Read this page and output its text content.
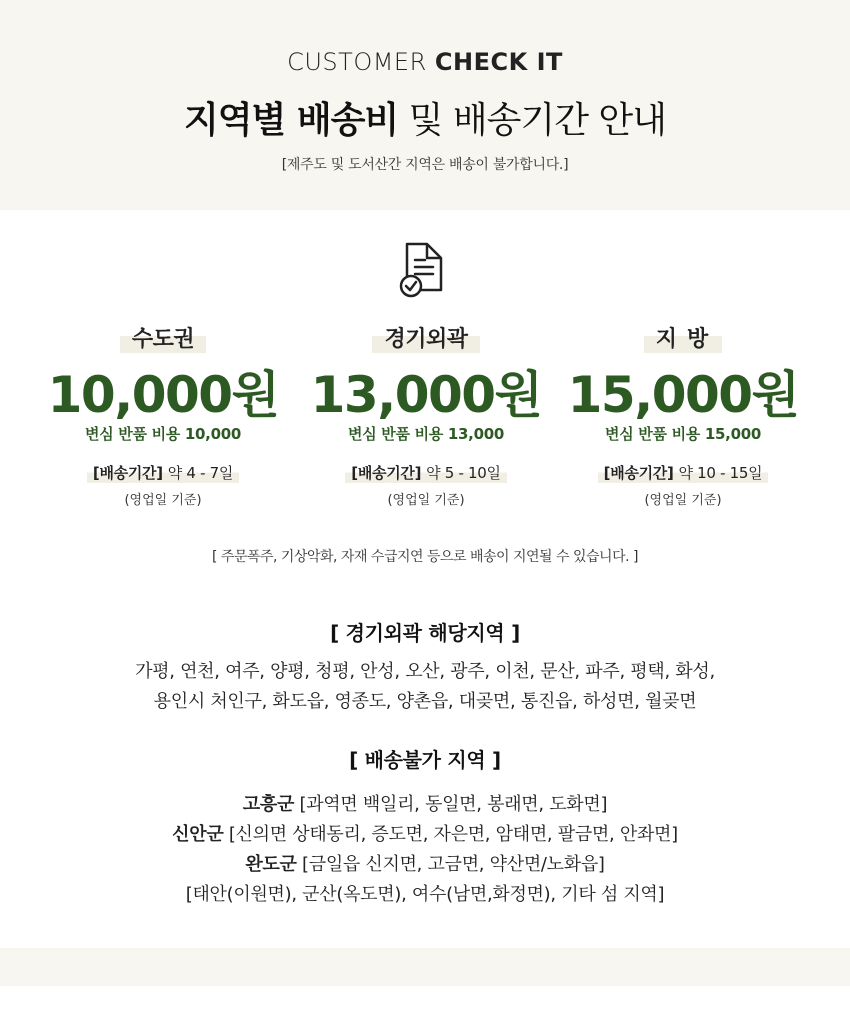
CUSTOMER CHECK IT
지역별 배송비 및 배송기간 안내
[제주도 및 도서산간 지역은 배송이 불가합니다.]
수도권
10,000원
변심 반품 비용 10,000
[배송기간] 약 4 - 7일
(영업일 기준)
경기외곽
13,000원
변심 반품 비용 13,000
[배송기간] 약 5 - 10일
(영업일 기준)
지방
15,000원
변심 반품 비용 15,000
[배송기간] 약 10 - 15일
(영업일 기준)
[ 주문폭주, 기상악화, 자재 수급지연 등으로 배송이 지연될 수 있습니다. ]
[ 경기외곽 해당지역 ]
가평, 연천, 여주, 양평, 청평, 안성, 오산, 광주, 이천, 문산, 파주, 평택, 화성,
용인시 처인구, 화도읍, 영종도, 양촌읍, 대곶면, 통진읍, 하성면, 월곶면
[ 배송불가 지역 ]
고흥군 [과역면 백일리, 동일면, 봉래면, 도화면]
신안군 [신의면 상태동리, 증도면, 자은면, 암태면, 팔금면, 안좌면]
완도군 [금일읍 신지면, 고금면, 약산면/노화읍]
[태안(이원면), 군산(옥도면), 여수(남면,화정면), 기타 섬 지역]
